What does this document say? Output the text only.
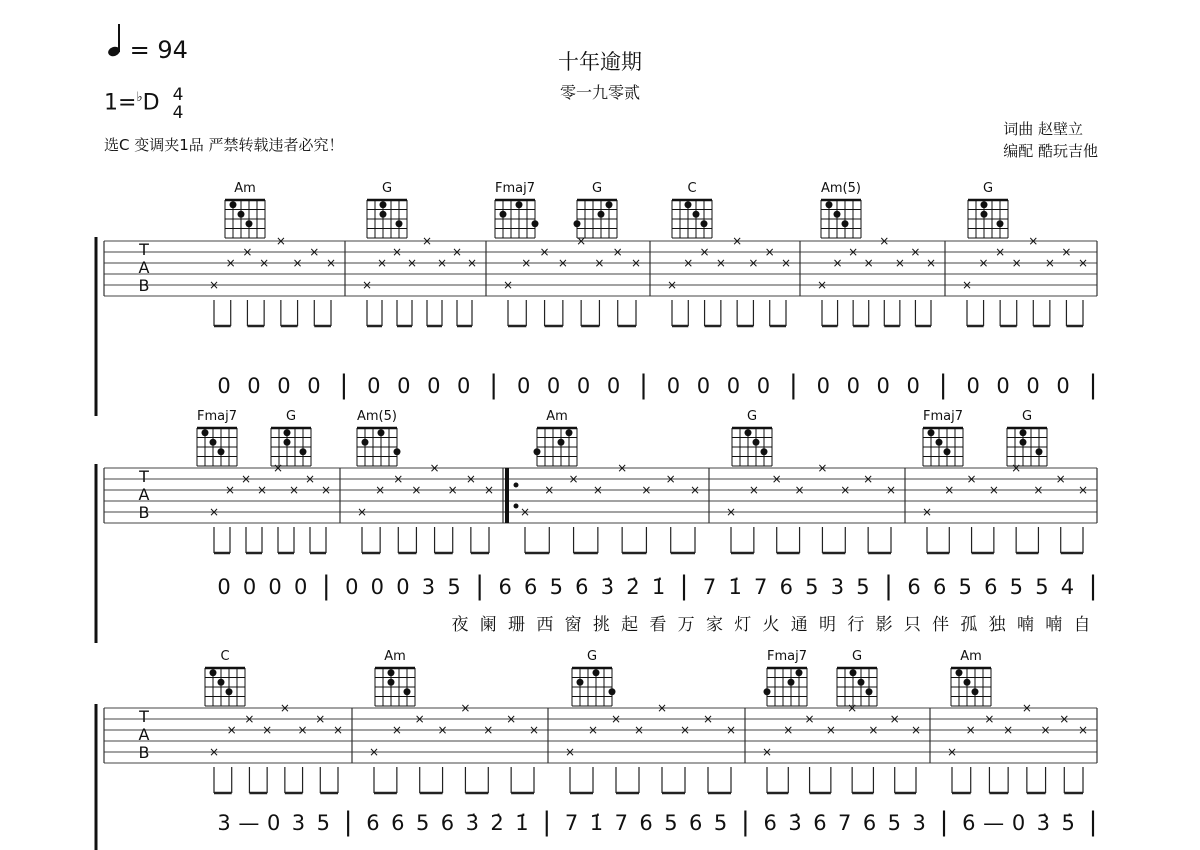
= 94	十年逾期
零一九零贰
1=♭D 4
4
选C 变调夹1品 严禁转载违者必究！
词曲 赵壁立
编配 酷玩吉他
T
A
B	×
×
×
×
×
×
×
×
×
×
×
×
×
×
×
×
×
×
×
×
×
×
×
×
×
×
×
×
×
×
×
×
×
×
×
×
×
×
×
×
×
×
×
×
×
×
×
×
Am	G	Fmaj7	G	C	Am(5)	G
0 0 0 0 | 0 0 0 0 | 0 0 0 0 | 0 0 0 0 | 0 0 0 0 | 0 0 0 0 |
T
A
B	×
×
×
×
×
×
×
×
×
×
×
×
×
×
×
×
×
×
×
×
×
×
×
×
×
×
×
×
×
×
×
×
×
×
×
×
×
×
×
×
Fmaj7	G	Am(5)	Am	G	Fmaj7	G
0 0 0 0 | 0 0 0 3 5 | 6 6 5 6 3̇ 2̇ 1̇ | 7 1̇ 7 6 5 3 5 | 6 6 5 6 5 5 4 |
夜 阑 珊 西 窗 挑 起 看 万 家 灯 火 通 明 行 影 只 伴 孤 独 喃 喃 自
T
A
B	×
×
×
×
×
×
×
×
×
×
×
×
×
×
×
×
×
×
×
×
×
×
×
×
×
×
×
×
×
×
×
×
×
×
×
×
×
×
×
×
C	Am	G	Fmaj7	G	Am
3 — 0 3 5 | 6 6 5 6 3̇ 2̇ 1̇ | 7 1̇ 7 6 5 6 5 | 6 3̇ 6 7 6 5 3 | 6 — 0 3̇ 5̇ |
